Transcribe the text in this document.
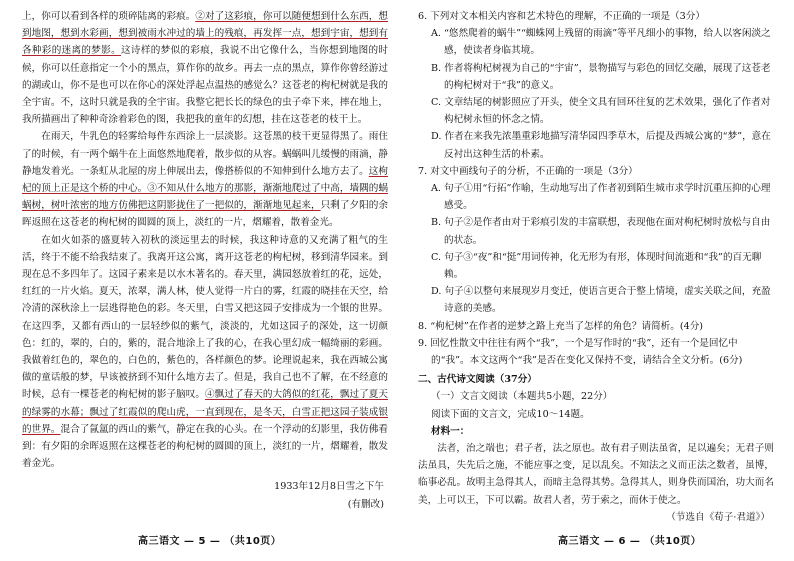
上，你可以看到各样的琐碎陆离的彩痕。②对了这彩痕，你可以随便想到什么东西，想到地图，想到水彩画，想到被雨水冲过的墙上的残痕，再发挥一点，想到宇宙，想到有各种彩的迷离的梦影。这诗样的梦似的彩痕，我说不出它像什么，当你想到地图的时候，你可以任意指定一个小的黑点，算作你的故乡。再去一点的黑点，算作你曾经游过的湖或山，你不是也可以在你心的深处浮起点温热的感觉么？这苍老的枸杞树就是我的全宇宙。不，这时只就是我的全宇宙。我整它把长长的绿色的虫子牵下来，摔在地上，我所描画出了种种奇涂着彩色的图，我把我的童年的幻想，挂在这苍老的枝干上。

在雨天，牛乳色的轻雾给每件东西涂上一层淡影。这苍黑的枝干更显得黑了。雨住了的时候，有一两个蜗牛在上面悠然地爬着，散步似的从容。蜗蜗叫儿缓慢的雨滴，静静地发着光。一条虹从北屋的房上伸展出去，像搭桥似的不知伸到什么地方去了。这枸杞的顶上正是这个桥的中心。③不知从什么地方的那影，渐渐地爬过了中高，墙隅的蜗蜗树，树叶浓密的地方仿佛把这阴影拢住了一把似的，渐渐地见起来，只剩了夕阳的余晖返照在这苍老的枸杞树的圆圆的顶上，淡红的一片，熠耀着，散着金光。

在如火如荼的盛夏转入初秋的淡远里去的时候，我这种诗意的又充满了粗气的生活，终于不能不给我结束了。我离开这公寓，离开这苍老的枸杞树，移到清华园来。到现在总不多四年了。这园子素来是以水木著名的。春天里，满园怒放着红的花，远处，红红的一片火焰。夏天，浓翠，满人林，使人觉得一片白的雾，红霞的晓挂在天空，给冷清的深秋涂上一层逃得艳色的彩。冬天里，白雪又把这园子安排成为一个银的世界。在这四季，又都有西山的一层轻纱似的紫气，淡淡的，尤如这园子的深处，这一切颜色：红的，翠的，白的，紫的，混合地涂上了我的心，在我心里幻成一幅绮丽的彩画。我做着红色的，翠色的，白色的，紫色的，各样颜色的梦。论理说起来，我在西城公寓做的童话般的梦，早该被挤到不知什么地方去了。但是，我自己也不了解，在不经意的时候，总有一棵苍老的枸杞树的影子脑叹。④飘过了春天的大鸽似的红花，飘过了夏天的绿雾的水幕；飘过了红霞似的爬山虎，一直到现在，是冬天，白雪正把这园子装成银的世界。混合了氤氲的西山的紫气，静定在我的心头。在一个浮动的幻影里，我仿佛看到：有夕阳的余晖返照在这棵苍老的枸杞树的圆圆的顶上，淡红的一片，熠耀着，散发着金光。

1933年12月8日雪之下午

(有删改)

6. 下列对文本相关内容和艺术特色的理解，不正确的一项是（3分）

A. “悠然爬着的蜗牛”“蜘蛛网上残留的雨滴”等平凡细小的事物，给人以客闲淡之感，使读者身临其境。

B. 作者将枸杞树视为自己的“宇宙”，景物描写与彩色的回忆交融，展现了这苍老的枸杞树对于“我”的意义。

C. 文章结尾的树影照应了开头，使全文具有回环往复的艺术效果，强化了作者对构杞树永恒的怀念之情。

D. 作者在来我先浓墨重彩地描写清华园四季草木，后提及西城公寓的“梦”，意在反衬出这种生活的朴素。

7. 对文中画线句子的分析，不正确的一项是（3分）

A. 句子①用“行拓”作喻，生动地写出了作者初到陌生城市求学时沉重压抑的心理感受。

B. 句子②是作者由对于彩痕引发的丰富联想，表现他在面对枸杞树时放松与自由的状态。

C. 句子③“夜”和“挺”用词传神，化无形为有形，体现时间流逝和“我”的百无聊赖。

D. 句子④以整句来展现岁月变迁，使语言更合于整上情境，虚实关联之间，充盈诗意的美感。

8. “枸杞树”在作者的逆梦之路上充当了怎样的角色？请简析。(4分)

9. 回忆性散文中往往有两个“我”，一个是写作时的“我”，还有一个是回忆中的“我”。本文这两个“我”是否在变化又保持不变，请结合全文分析。(6分)

二、古代诗文阅读（37分）

（一）文言文阅读（本题共5小题，22分）

阅读下面的文言文，完成10～14题。

材料一：

法者，治之端也；君子者，法之原也。故有君子则法虽省，足以遍矣；无君子则法虽具，失先后之施，不能应事之变，足以乱矣。不知法之义而正法之数者，虽博，临事必乱。故明主急得其人，而暗主急得其势。急得其人，则身佚而国治，功大而名美，上可以王，下可以霸。故君人者，劳于索之，而休于使之。

（节选自《荀子·君道》）

高三语文 — 5 — （共10页）	高三语文 — 6 — （共10页）
